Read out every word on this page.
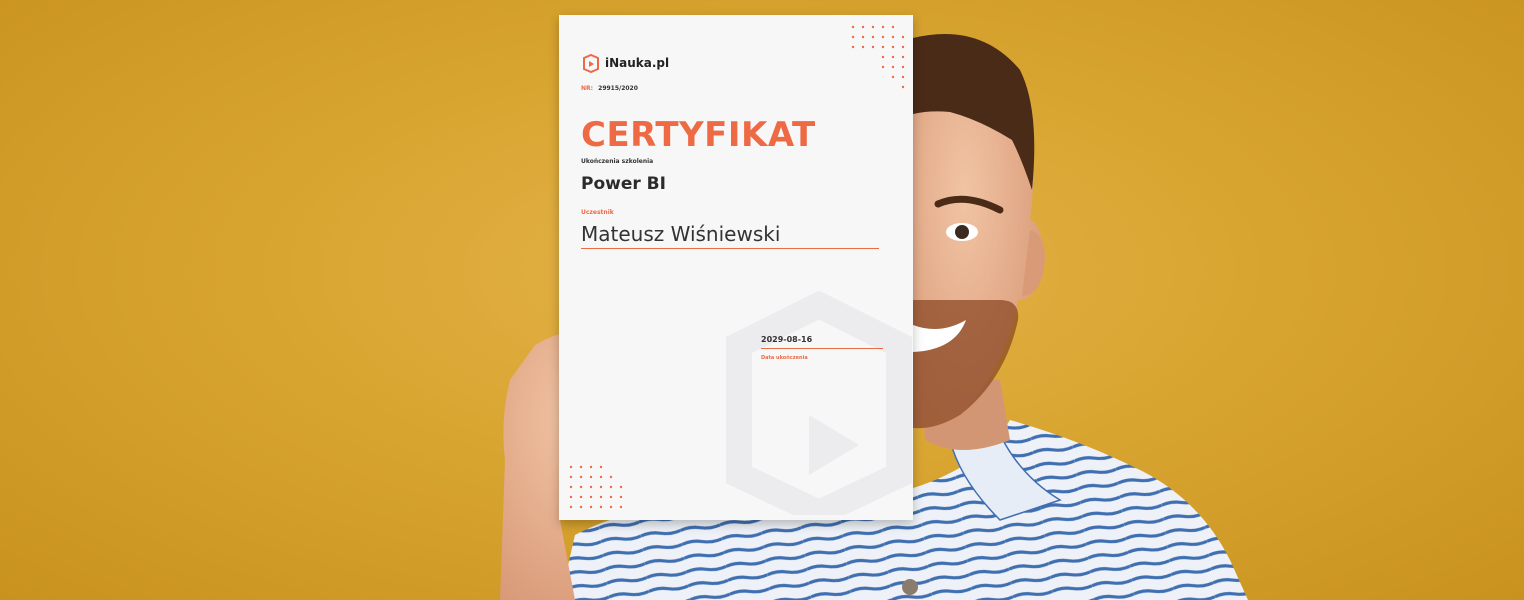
iNauka.pl
NR: 29915/2020
CERTYFIKAT
Ukończenia szkolenia
Power BI
Uczestnik
Mateusz Wiśniewski
2029-08-16
Data ukończenia
